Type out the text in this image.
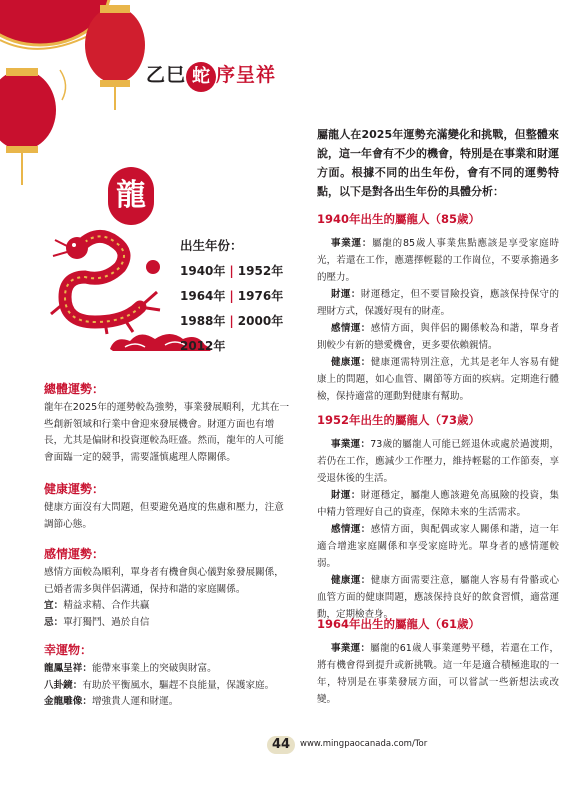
乙巳 蛇 序呈祥
龍
出生年份：
1940年 | 1952年
1964年 | 1976年
1988年 | 2000年
2012年
總體運勢：

龍年在2025年的運勢較為強勢，事業發展順利，尤其在一些創新領域和行業中會迎來發展機會。財運方面也有增長，尤其是偏財和投資運較為旺盛。然而，龍年的人可能會面臨一定的競爭，需要謹慎處理人際關係。

健康運勢：

健康方面沒有大問題，但要避免過度的焦慮和壓力，注意調節心態。

感情運勢：

感情方面較為順利，單身者有機會與心儀對象發展關係，已婚者需多與伴侶溝通，保持和諧的家庭關係。

宜：精益求精、合作共贏

忌：單打獨鬥、過於自信

幸運物：

龍鳳呈祥：能帶來事業上的突破與財富。

八卦鏡：有助於平衡風水，驅趕不良能量，保護家庭。

金龍雕像：增強貴人運和財運。

屬龍人在2025年運勢充滿變化和挑戰，但整體來說，這一年會有不少的機會，特別是在事業和財運方面。根據不同的出生年份，會有不同的運勢特點，以下是對各出生年份的具體分析：
1940年出生的屬龍人（85歲）
事業運：屬龍的85歲人事業焦點應該是享受家庭時光，若還在工作，應選擇輕鬆的工作崗位，不要承擔過多的壓力。
財運：財運穩定，但不要冒險投資，應該保持保守的理財方式，保護好現有的財產。
感情運：感情方面，與伴侶的關係較為和諧，單身者則較少有新的戀愛機會，更多要依賴親情。
健康運：健康運需特別注意，尤其是老年人容易有健康上的問題，如心血管、關節等方面的疾病。定期進行體檢，保持適當的運動對健康有幫助。
1952年出生的屬龍人（73歲）
事業運：73歲的屬龍人可能已經退休或處於過渡期，若仍在工作，應減少工作壓力，維持輕鬆的工作節奏，享受退休後的生活。
財運：財運穩定，屬龍人應該避免高風險的投資，集中精力管理好自己的資產，保障未來的生活需求。
感情運：感情方面，與配偶或家人關係和諧，這一年適合增進家庭關係和享受家庭時光。單身者的感情運較弱。
健康運：健康方面需要注意，屬龍人容易有骨骼或心血管方面的健康問題，應該保持良好的飲食習慣，適當運動，定期檢查身。
1964年出生的屬龍人（61歲）
事業運：屬龍的61歲人事業運勢平穩，若還在工作，將有機會得到提升或新挑戰。這一年是適合積極進取的一年，特別是在事業發展方面，可以嘗試一些新想法或改變。
44	www.mingpaocanada.com/Tor
